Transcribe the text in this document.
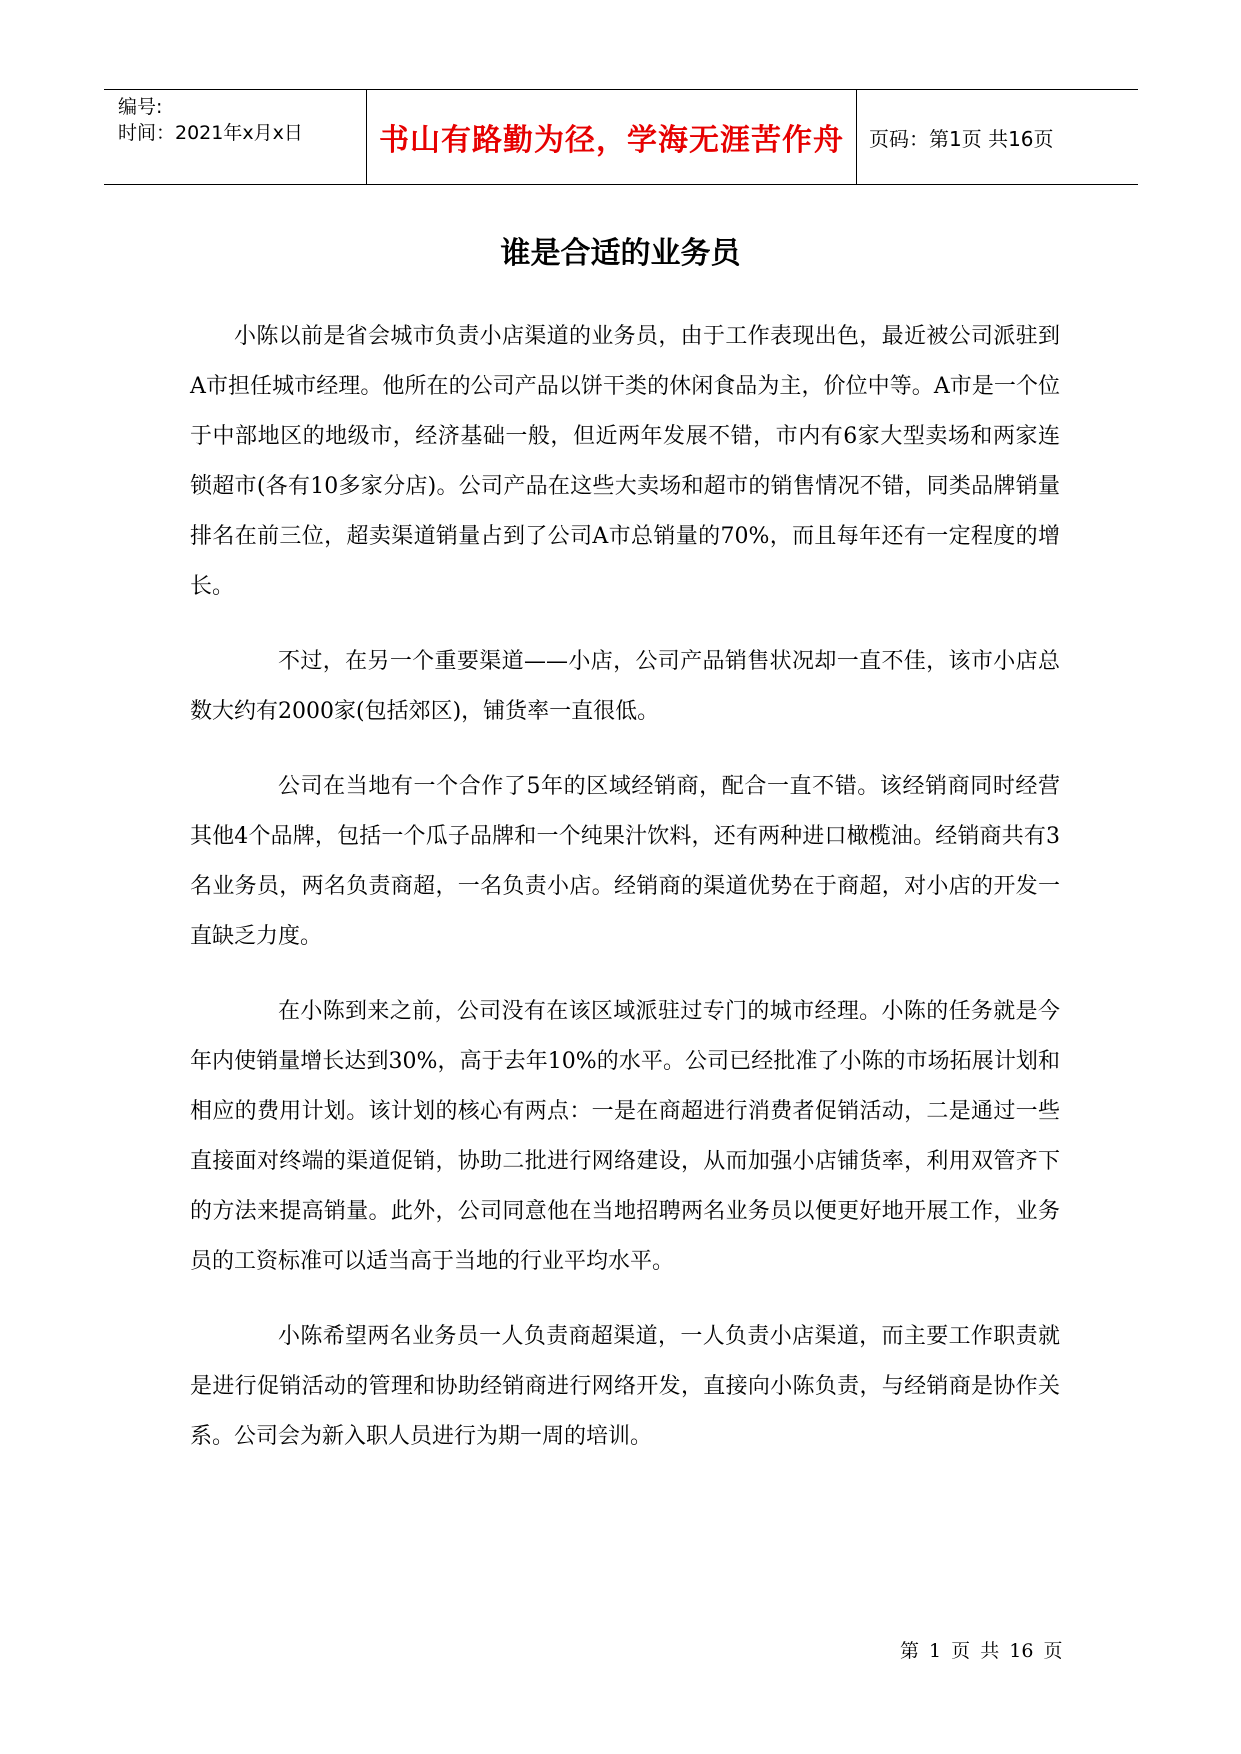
编号:
时间：2021年x月x日	书山有路勤为径，学海无涯苦作舟 页码：第1页 共16页
谁是合适的业务员

小陈以前是省会城市负责小店渠道的业务员，由于工作表现出色，最近被公司派驻到A市担任城市经理。他所在的公司产品以饼干类的休闲食品为主，价位中等。A市是一个位于中部地区的地级市，经济基础一般，但近两年发展不错，市内有6家大型卖场和两家连锁超市(各有10多家分店)。公司产品在这些大卖场和超市的销售情况不错，同类品牌销量排名在前三位，超卖渠道销量占到了公司A市总销量的70%，而且每年还有一定程度的增长。

不过，在另一个重要渠道——小店，公司产品销售状况却一直不佳，该市小店总数大约有2000家(包括郊区)，铺货率一直很低。

公司在当地有一个合作了5年的区域经销商，配合一直不错。该经销商同时经营其他4个品牌，包括一个瓜子品牌和一个纯果汁饮料，还有两种进口橄榄油。经销商共有3名业务员，两名负责商超，一名负责小店。经销商的渠道优势在于商超，对小店的开发一直缺乏力度。

在小陈到来之前，公司没有在该区域派驻过专门的城市经理。小陈的任务就是今年内使销量增长达到30%，高于去年10%的水平。公司已经批准了小陈的市场拓展计划和相应的费用计划。该计划的核心有两点：一是在商超进行消费者促销活动，二是通过一些直接面对终端的渠道促销，协助二批进行网络建设，从而加强小店铺货率，利用双管齐下的方法来提高销量。此外，公司同意他在当地招聘两名业务员以便更好地开展工作，业务员的工资标准可以适当高于当地的行业平均水平。

小陈希望两名业务员一人负责商超渠道，一人负责小店渠道，而主要工作职责就是进行促销活动的管理和协助经销商进行网络开发，直接向小陈负责，与经销商是协作关系。公司会为新入职人员进行为期一周的培训。

第 1 页 共 16 页
